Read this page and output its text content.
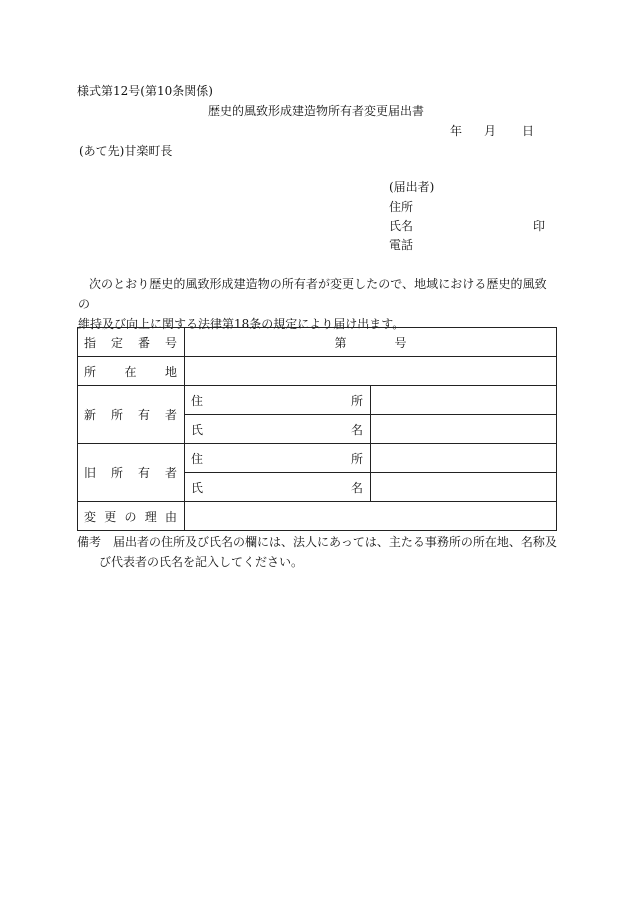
様式第12号(第10条関係)
歴史的風致形成建造物所有者変更届出書
年 月 日
(あて先)甘楽町長
(届出者)
住所
氏名	印
電話
次のとおり歴史的風致形成建造物の所有者が変更したので、地域における歴史的風致の
維持及び向上に関する法律第18条の規定により届け出ます。
指 定 番 号	第 号	

所 在 地		

新 所 有 者	住 所	

	氏 名	

旧 所 有 者	住 所	

	氏 名	

変 更 の 理 由		

備考 届出者の住所及び氏名の欄には、法人にあっては、主たる事務所の所在地、名称及
び代表者の氏名を記入してください。
